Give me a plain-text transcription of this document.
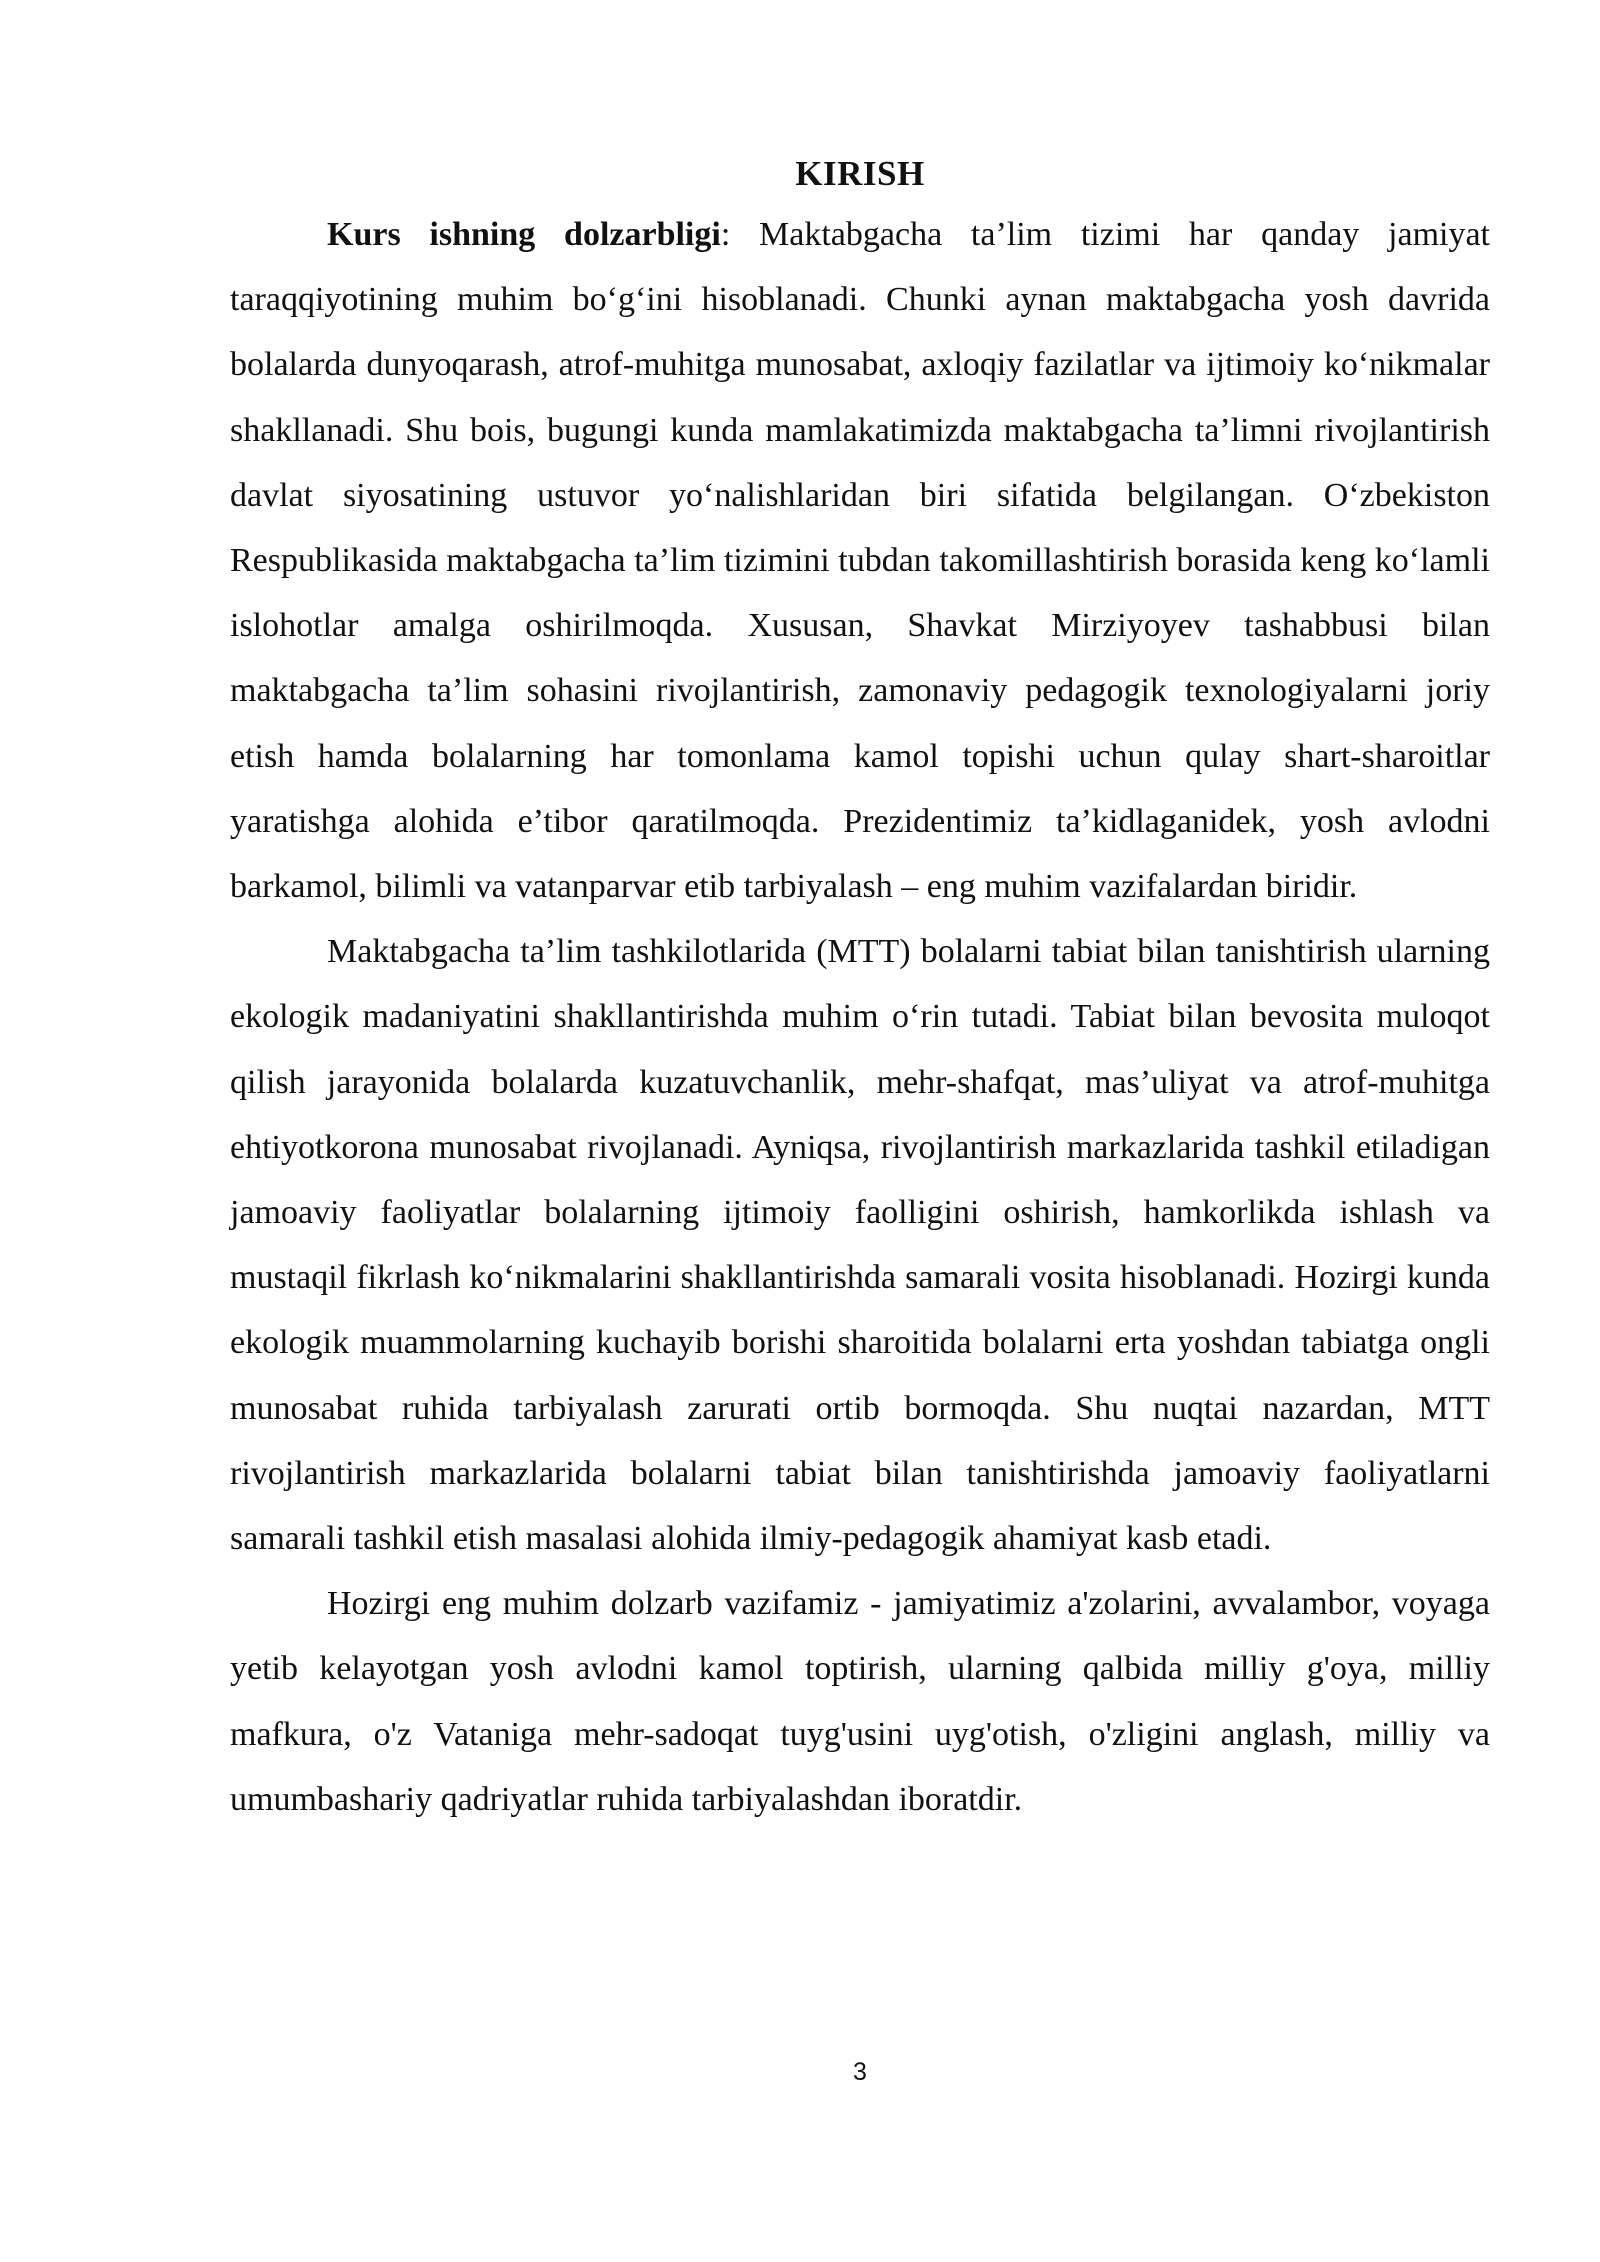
KIRISH

Kurs ishning dolzarbligi: Maktabgacha ta’lim tizimi har qanday jamiyat taraqqiyotining muhim bo‘g‘ini hisoblanadi. Chunki aynan maktabgacha yosh davrida bolalarda dunyoqarash, atrof-muhitga munosabat, axloqiy fazilatlar va ijtimoiy ko‘nikmalar shakllanadi. Shu bois, bugungi kunda mamlakatimizda maktabgacha ta’limni rivojlantirish davlat siyosatining ustuvor yo‘nalishlaridan biri sifatida belgilangan. O‘zbekiston Respublikasida maktabgacha ta’lim tizimini tubdan takomillashtirish borasida keng ko‘lamli islohotlar amalga oshirilmoqda. Xususan, Shavkat Mirziyoyev tashabbusi bilan maktabgacha ta’lim sohasini rivojlantirish, zamonaviy pedagogik texnologiyalarni joriy etish hamda bolalarning har tomonlama kamol topishi uchun qulay shart-sharoitlar yaratishga alohida e’tibor qaratilmoqda. Prezidentimiz ta’kidlaganidek, yosh avlodni barkamol, bilimli va vatanparvar etib tarbiyalash – eng muhim vazifalardan biridir.

Maktabgacha ta’lim tashkilotlarida (MTT) bolalarni tabiat bilan tanishtirish ularning ekologik madaniyatini shakllantirishda muhim o‘rin tutadi. Tabiat bilan bevosita muloqot qilish jarayonida bolalarda kuzatuvchanlik, mehr-shafqat, mas’uliyat va atrof-muhitga ehtiyotkorona munosabat rivojlanadi. Ayniqsa, rivojlantirish markazlarida tashkil etiladigan jamoaviy faoliyatlar bolalarning ijtimoiy faolligini oshirish, hamkorlikda ishlash va mustaqil fikrlash ko‘nikmalarini shakllantirishda samarali vosita hisoblanadi. Hozirgi kunda ekologik muammolarning kuchayib borishi sharoitida bolalarni erta yoshdan tabiatga ongli munosabat ruhida tarbiyalash zarurati ortib bormoqda. Shu nuqtai nazardan, MTT rivojlantirish markazlarida bolalarni tabiat bilan tanishtirishda jamoaviy faoliyatlarni samarali tashkil etish masalasi alohida ilmiy-pedagogik ahamiyat kasb etadi.

Hozirgi eng muhim dolzarb vazifamiz - jamiyatimiz a'zolarini, avvalambor, voyaga yetib kelayotgan yosh avlodni kamol toptirish, ularning qalbida milliy g'oya, milliy mafkura, o'z Vataniga mehr-sadoqat tuyg'usini uyg'otish, o'zligini anglash, milliy va umumbashariy qadriyatlar ruhida tarbiyalashdan iboratdir.

3
